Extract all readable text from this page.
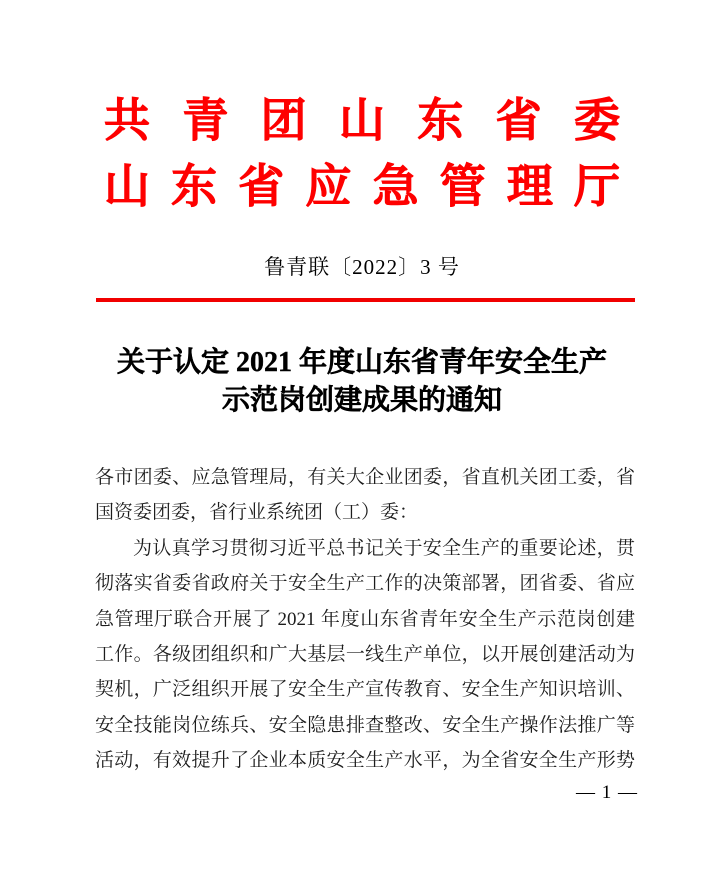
共 青 团 山 东 省 委
山 东 省 应 急 管 理 厅
鲁青联〔2022〕3 号
关于认定 2021 年度山东省青年安全生产
示范岗创建成果的通知
各市团委、应急管理局，有关大企业团委，省直机关团工委，省
国资委团委，省行业系统团（工）委：
为认真学习贯彻习近平总书记关于安全生产的重要论述，贯
彻落实省委省政府关于安全生产工作的决策部署，团省委、省应
急管理厅联合开展了 2021 年度山东省青年安全生产示范岗创建
工作。各级团组织和广大基层一线生产单位，以开展创建活动为
契机，广泛组织开展了安全生产宣传教育、安全生产知识培训、
安全技能岗位练兵、安全隐患排查整改、安全生产操作法推广等
活动，有效提升了企业本质安全生产水平，为全省安全生产形势
— 1 —
